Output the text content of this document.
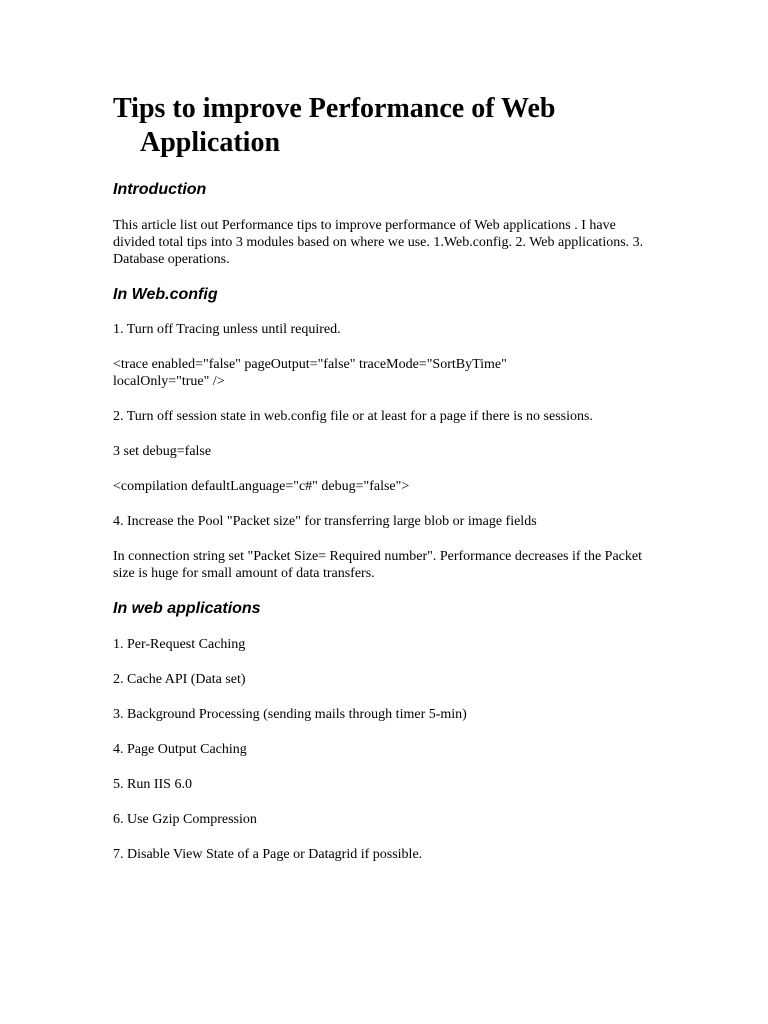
Tips to improve Performance of Web Application
Introduction

This article list out Performance tips to improve performance of Web applications . I have divided total tips into 3 modules based on where we use. 1.Web.config. 2. Web applications. 3. Database operations.

In Web.config

1. Turn off Tracing unless until required.

<trace enabled="false" pageOutput="false" traceMode="SortByTime" localOnly="true" />

2. Turn off session state in web.config file or at least for a page if there is no sessions.

3 set debug=false

<compilation defaultLanguage="c#" debug="false">

4. Increase the Pool "Packet size" for transferring large blob or image fields

In connection string set "Packet Size= Required number". Performance decreases if the Packet size is huge for small amount of data transfers.

In web applications

1. Per-Request Caching

2. Cache API (Data set)

3. Background Processing (sending mails through timer 5-min)

4. Page Output Caching

5. Run IIS 6.0

6. Use Gzip Compression

7. Disable View State of a Page or Datagrid if possible.
